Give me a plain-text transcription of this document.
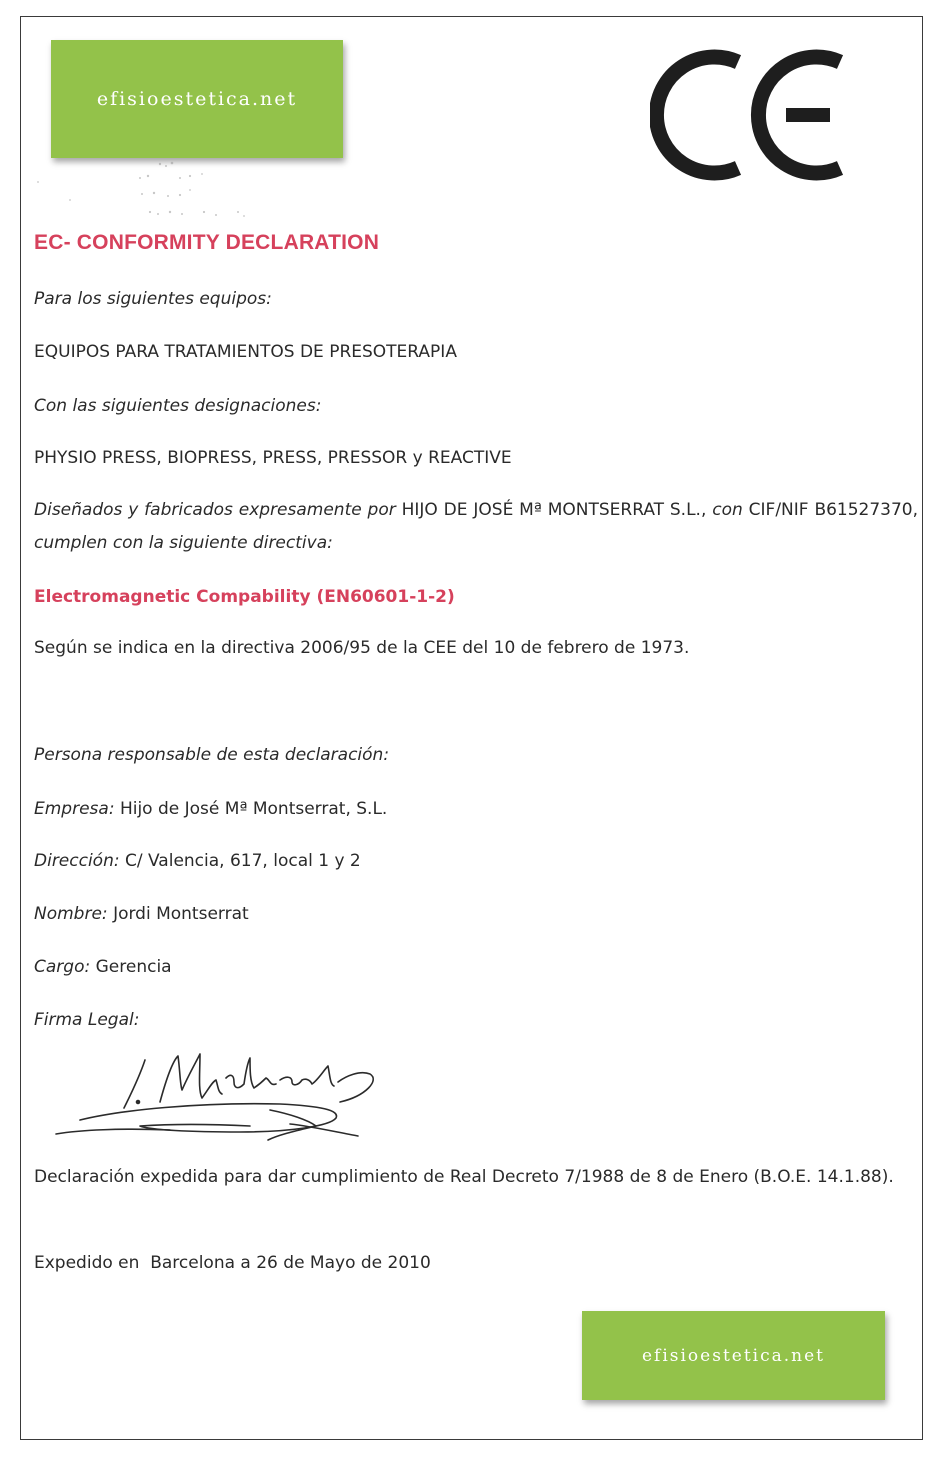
efisioestetica.net
EC- CONFORMITY DECLARATION
Para los siguientes equipos:
EQUIPOS PARA TRATAMIENTOS DE PRESOTERAPIA
Con las siguientes designaciones:
PHYSIO PRESS, BIOPRESS, PRESS, PRESSOR y REACTIVE
Diseñados y fabricados expresamente por HIJO DE JOSÉ Mª MONTSERRAT S.L., con CIF/NIF B61527370, cumplen con la siguiente directiva:
Electromagnetic Compability (EN60601-1-2)
Según se indica en la directiva 2006/95 de la CEE del 10 de febrero de 1973.
Persona responsable de esta declaración:
Empresa: Hijo de José Mª Montserrat, S.L.
Dirección: C/ Valencia, 617, local 1 y 2
Nombre: Jordi Montserrat
Cargo: Gerencia
Firma Legal:
Declaración expedida para dar cumplimiento de Real Decreto 7/1988 de 8 de Enero (B.O.E. 14.1.88).
Expedido en  Barcelona a 26 de Mayo de 2010
efisioestetica.net
